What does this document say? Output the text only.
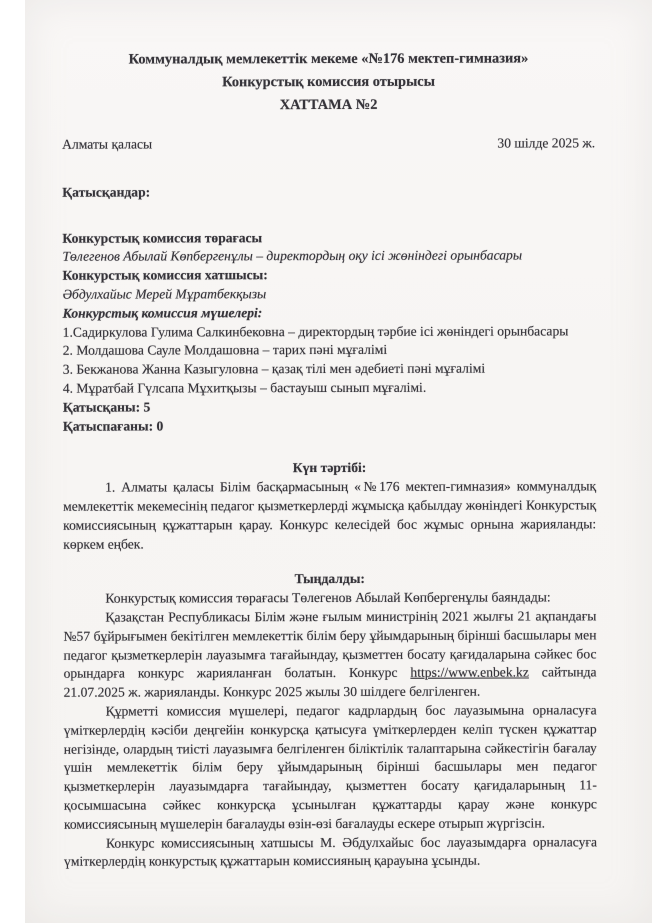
Коммуналдық мемлекеттік мекеме «№176 мектеп-гимназия»
Конкурстық комиссия отырысы
ХАТТАМА №2
Алматы қаласы	30 шілде 2025 ж.
Қатысқандар:
Конкурстық комиссия төрағасы
Төлегенов Абылай Көпбергенұлы – директордың оқу ісі жөніндегі орынбасары
Конкурстық комиссия хатшысы:
Әбдулхайыс Мерей Мұратбекқызы
Конкурстық комиссия мүшелері:
1.Садиркулова Гулима Салкинбековна – директордың тәрбие ісі жөніндегі орынбасары
2. Молдашова Сауле Молдашовна – тарих пәні мұғалімі
3. Бекжанова Жанна Казыгуловна – қазақ тілі мен әдебиеті пәні мұғалімі
4. Мұратбай Гүлсапа Мұхитқызы – бастауыш сынып мұғалімі.
Қатысқаны: 5
Қатыспағаны: 0
Күн тәртібі:
1. Алматы қаласы Білім басқармасының «№176 мектеп-гимназия» коммуналдық мемлекеттік мекемесінің педагог қызметкерлерді жұмысқа қабылдау жөніндегі Конкурстық комиссиясының құжаттарын қарау. Конкурс келесідей бос жұмыс орнына жарияланды: көркем еңбек.
Тыңдалды:
Конкурстық комиссия төрағасы Төлегенов Абылай Көпбергенұлы баяндады:
Қазақстан Республикасы Білім және ғылым министрінің 2021 жылғы 21 ақпандағы №57 бұйрығымен бекітілген мемлекеттік білім беру ұйымдарының бірінші басшылары мен педагог қызметкерлерін лауазымға тағайындау, қызметтен босату қағидаларына сәйкес бос орындарға конкурс жарияланған болатын. Конкурс https://www.enbek.kz сайтында 21.07.2025 ж. жарияланды. Конкурс 2025 жылы 30 шілдеге белгіленген.
Құрметті комиссия мүшелері, педагог кадрлардың бос лауазымына орналасуға үміткерлердің кәсіби деңгейін конкурсқа қатысуға үміткерлерден келіп түскен құжаттар негізінде, олардың тиісті лауазымға белгіленген біліктілік талаптарына сәйкестігін бағалау үшін мемлекеттік білім беру ұйымдарының бірінші басшылары мен педагог қызметкерлерін лауазымдарға тағайындау, қызметтен босату қағидаларының 11-қосымшасына сәйкес конкурсқа ұсынылған құжаттарды қарау және конкурс комиссиясының мүшелерін бағалауды өзін-өзі бағалауды ескере отырып жүргізсін.
Конкурс комиссиясының хатшысы М. Әбдулхайыс бос лауазымдарға орналасуға үміткерлердің конкурстық құжаттарын комиссияның қарауына ұсынды.
